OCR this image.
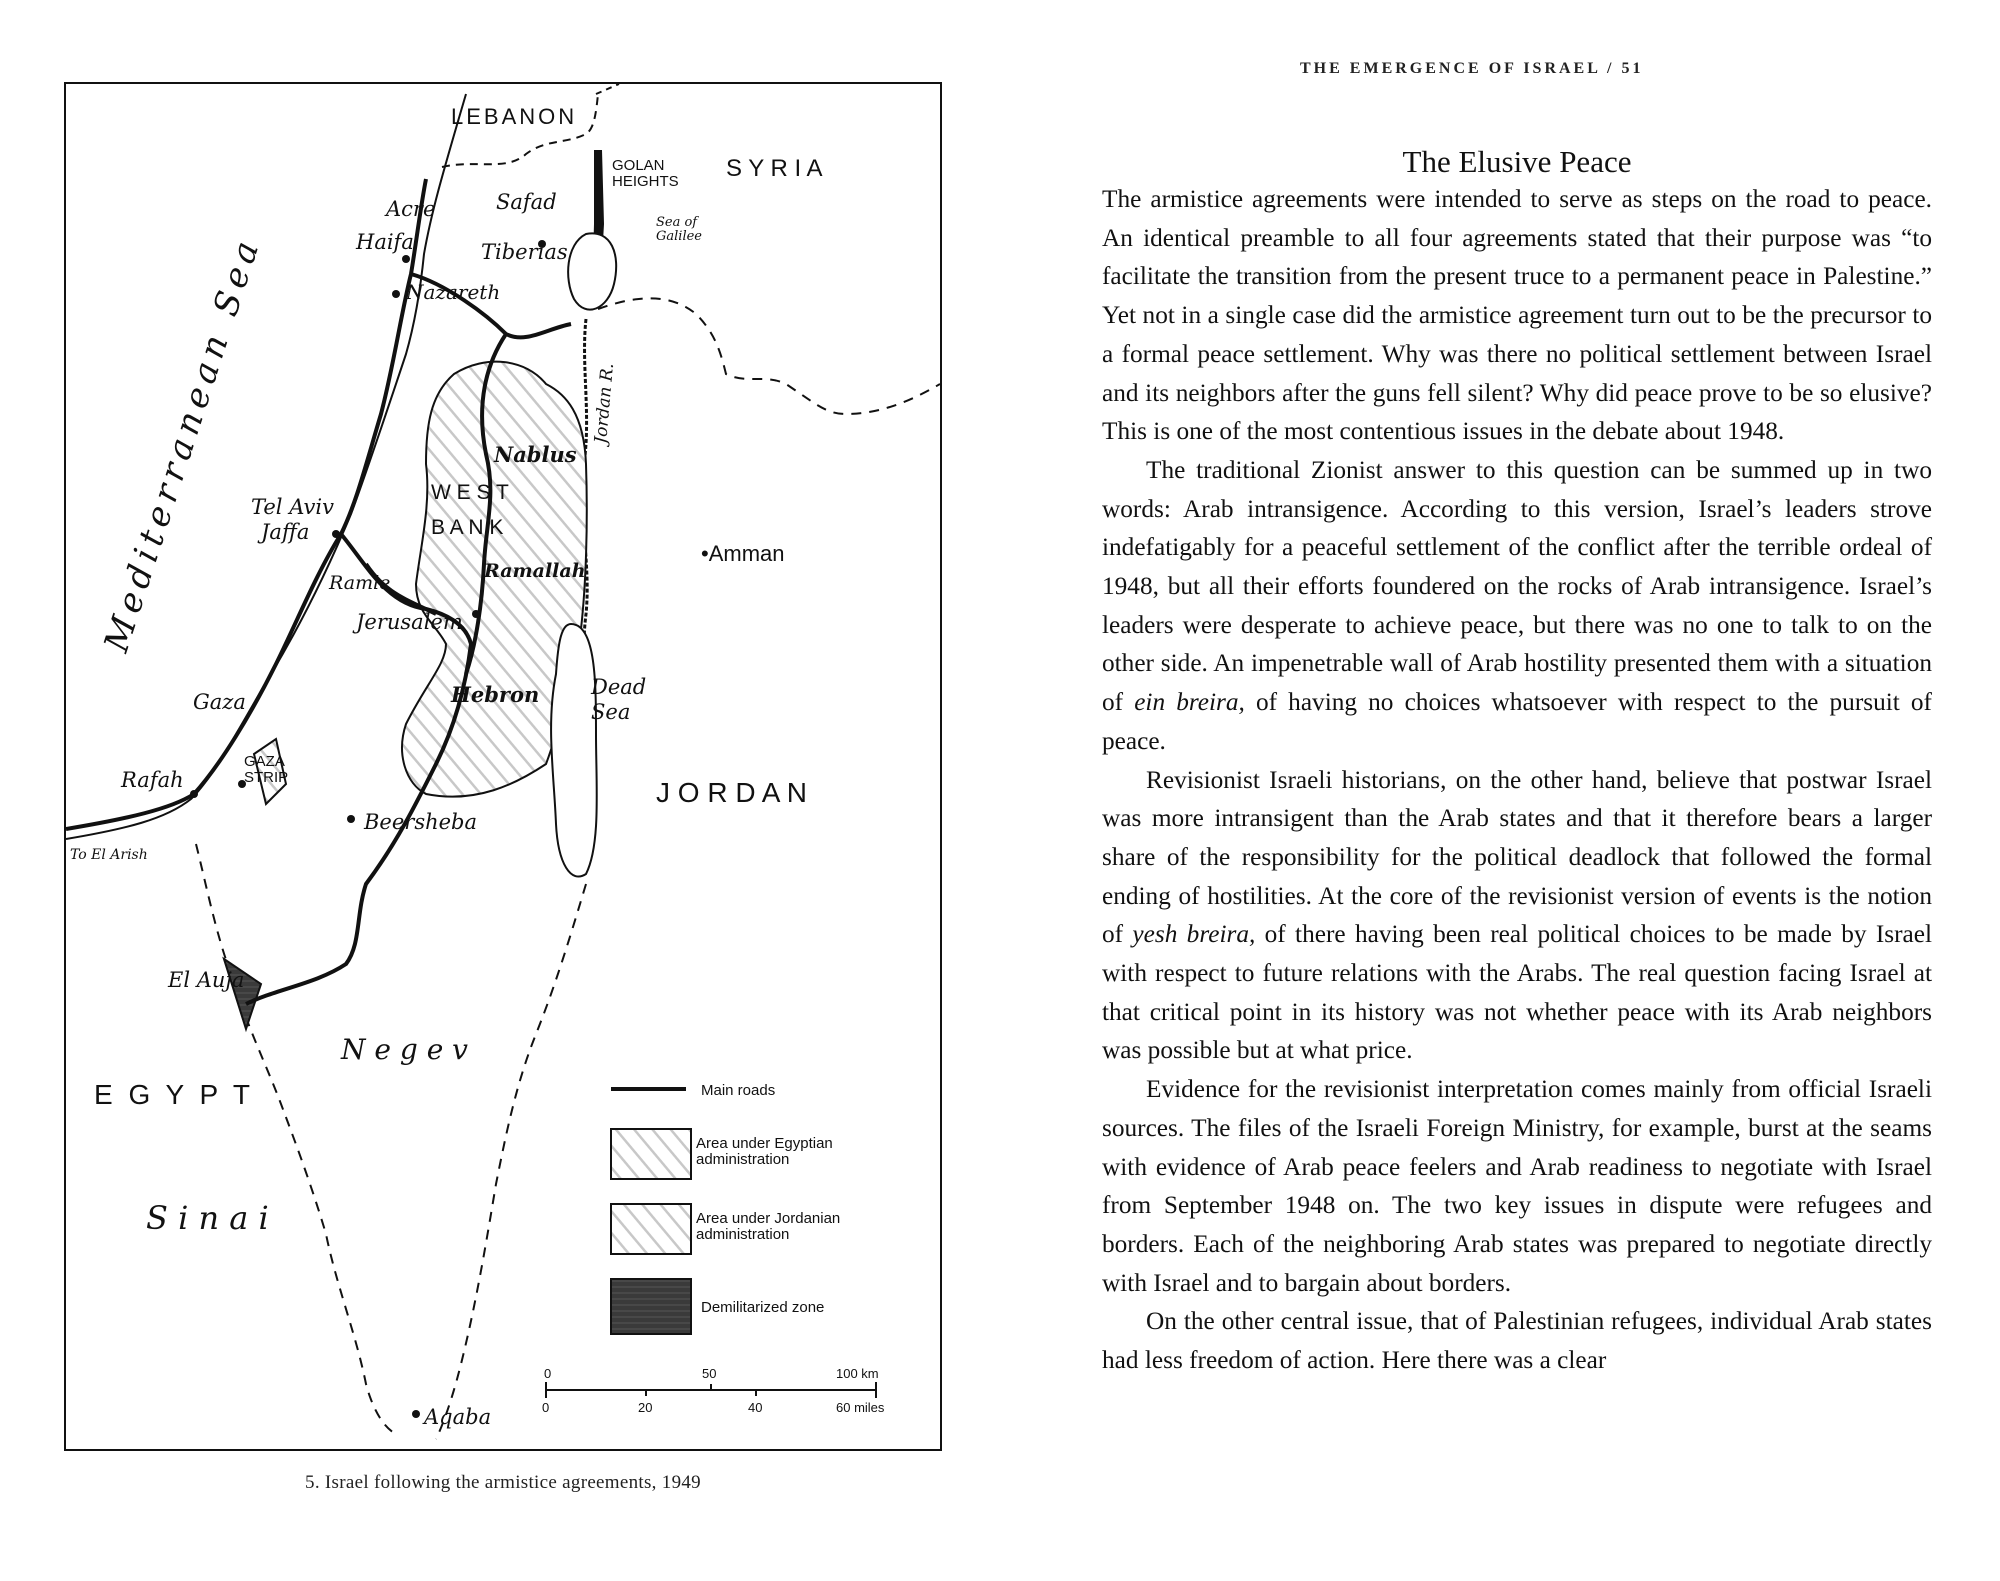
LEBANON
S Y R I A
GOLAN
HEIGHTS
Sea of
Galilee
Acre
Haifa
Safad
Tiberias
Nazareth
Nablus
W E S T
B A N K
Jordan R.
•Amman
Tel Aviv
Jaffa
Ramle
Ramallah
Jerusalem
Gaza	Hebron Dead
Sea
GAZA
STRIP
Rafah	J O R D A N
Beersheba
To El Arish
El Auja
N e g e v
E G Y P T
S i n a i
Aqaba
Mediterranean Sea
Main roads
Area under Egyptian
administration
Area under Jordanian
administration
Demilitarized zone
0	50	100 km
0	20	40	60 miles
5. Israel following the armistice agreements, 1949
THE EMERGENCE OF ISRAEL / 51
The Elusive Peace

The armistice agreements were intended to serve as steps on the road to peace. An identical preamble to all four agreements stated that their purpose was “to facilitate the transition from the present truce to a permanent peace in Palestine.” Yet not in a single case did the armistice agreement turn out to be the precursor to a formal peace settlement. Why was there no political settlement between Israel and its neighbors after the guns fell silent? Why did peace prove to be so elusive? This is one of the most contentious issues in the debate about 1948.

The traditional Zionist answer to this question can be summed up in two words: Arab intransigence. According to this version, Israel’s leaders strove indefatigably for a peaceful settlement of the conflict after the terrible ordeal of 1948, but all their efforts foundered on the rocks of Arab intransigence. Israel’s leaders were desperate to achieve peace, but there was no one to talk to on the other side. An impenetrable wall of Arab hostility presented them with a situation of ein breira, of having no choices whatsoever with respect to the pursuit of peace.

Revisionist Israeli historians, on the other hand, believe that postwar Israel was more intransigent than the Arab states and that it therefore bears a larger share of the responsibility for the political deadlock that followed the formal ending of hostilities. At the core of the revisionist version of events is the notion of yesh breira, of there having been real political choices to be made by Israel with respect to future relations with the Arabs. The real question facing Israel at that critical point in its history was not whether peace with its Arab neighbors was possible but at what price.

Evidence for the revisionist interpretation comes mainly from official Israeli sources. The files of the Israeli Foreign Ministry, for example, burst at the seams with evidence of Arab peace feelers and Arab readiness to negotiate with Israel from September 1948 on. The two key issues in dispute were refugees and borders. Each of the neighboring Arab states was prepared to negotiate directly with Israel and to bargain about borders.

On the other central issue, that of Palestinian refugees, individual Arab states had less freedom of action. Here there was a clear
